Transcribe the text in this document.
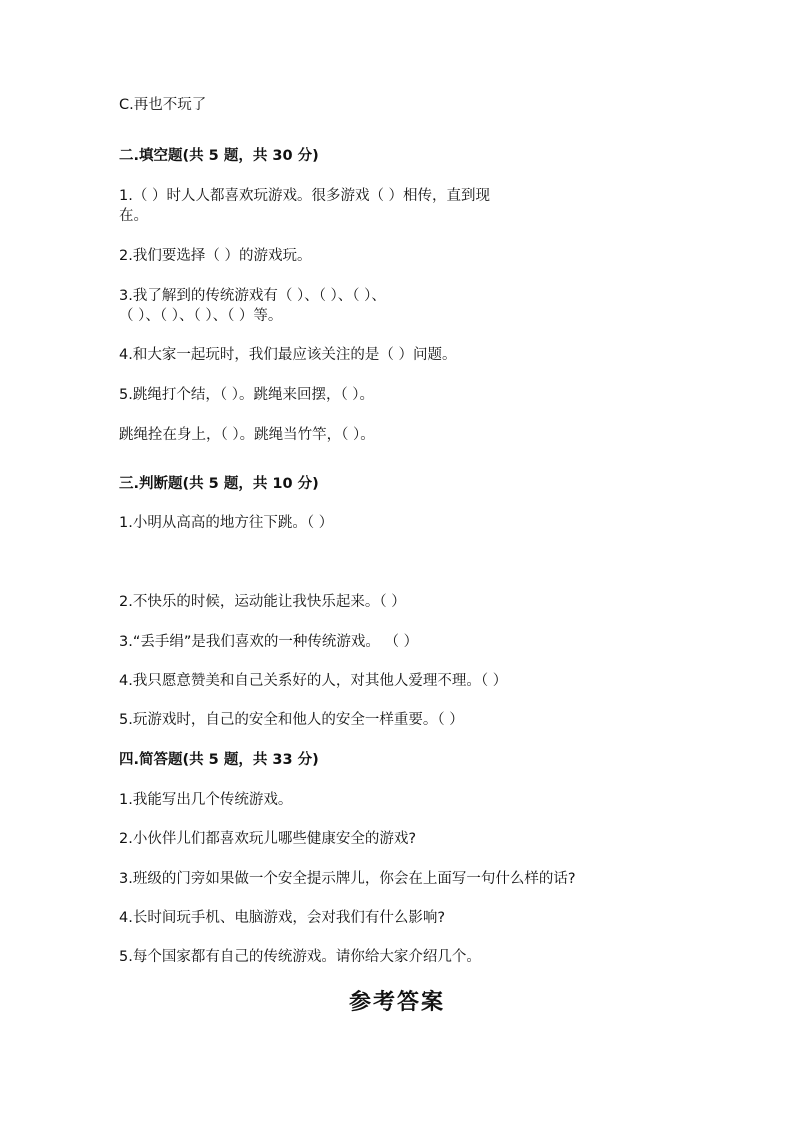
C.再也不玩了

二.填空题(共 5 题，共 30 分)

1.（ ）时人人都喜欢玩游戏。很多游戏（ ）相传，直到现

在。

2.我们要选择（ ）的游戏玩。

3.我了解到的传统游戏有（ ）、（ ）、（ ）、

（ ）、（ ）、（ ）、（ ）等。

4.和大家一起玩时，我们最应该关注的是（ ）问题。

5.跳绳打个结，（ ）。跳绳来回摆，（ ）。

跳绳拴在身上，（ ）。跳绳当竹竿，（ ）。

三.判断题(共 5 题，共 10 分)

1.小明从高高的地方往下跳。（ ）

2.不快乐的时候，运动能让我快乐起来。（ ）

3.“丢手绢”是我们喜欢的一种传统游戏。 （ ）

4.我只愿意赞美和自己关系好的人，对其他人爱理不理。（ ）

5.玩游戏时，自己的安全和他人的安全一样重要。（ ）

四.简答题(共 5 题，共 33 分)

1.我能写出几个传统游戏。

2.小伙伴儿们都喜欢玩儿哪些健康安全的游戏?

3.班级的门旁如果做一个安全提示牌儿，你会在上面写一句什么样的话?

4.长时间玩手机、电脑游戏，会对我们有什么影响?

5.每个国家都有自己的传统游戏。请你给大家介绍几个。

参考答案
